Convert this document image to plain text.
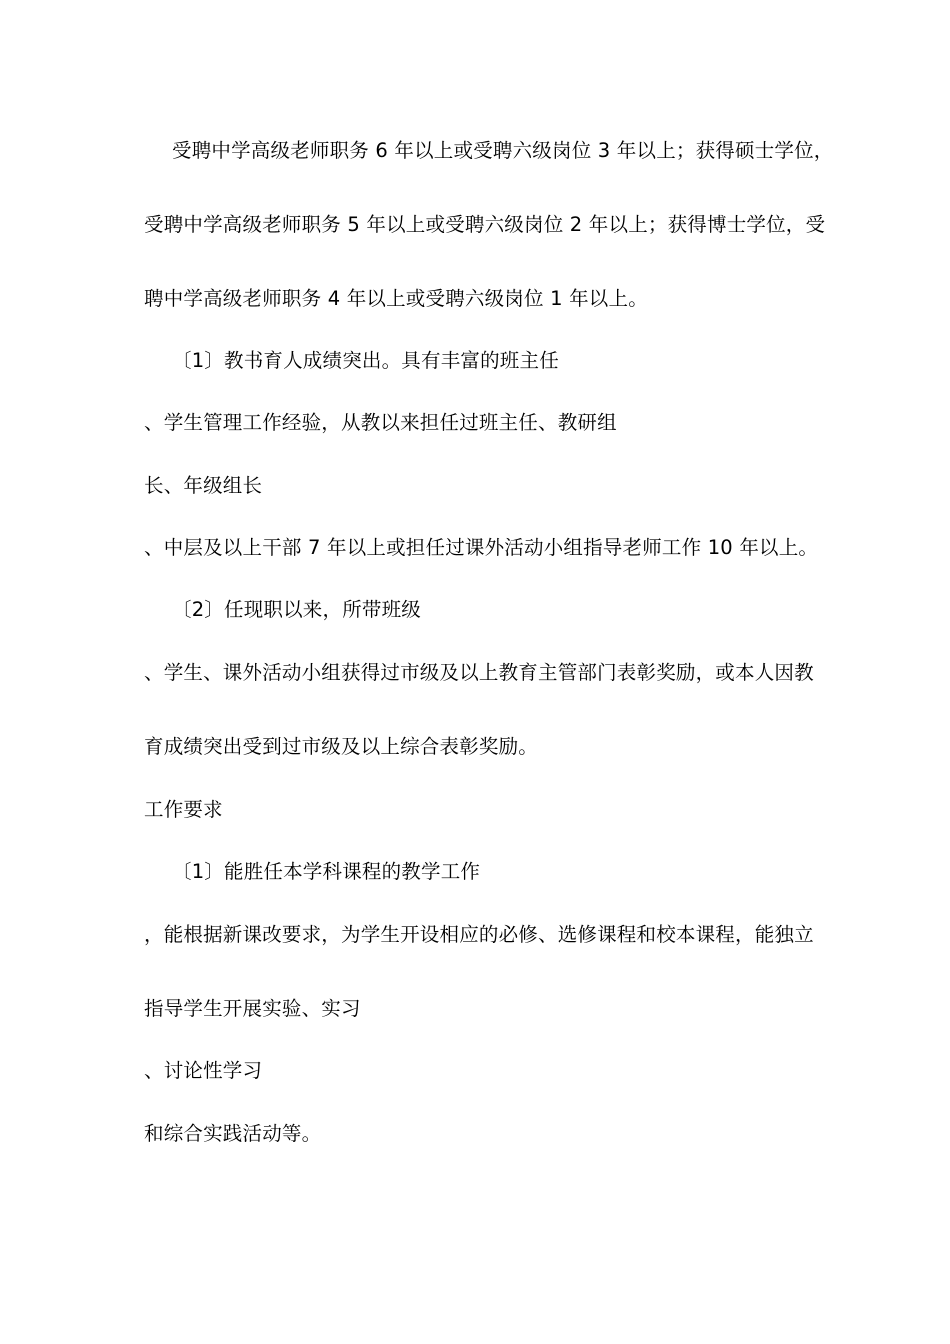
受聘中学高级老师职务 6 年以上或受聘六级岗位 3 年以上；获得硕士学位，
受聘中学高级老师职务 5 年以上或受聘六级岗位 2 年以上；获得博士学位，受
聘中学高级老师职务 4 年以上或受聘六级岗位 1 年以上。
〔1〕教书育人成绩突出。具有丰富的班主任
、学生管理工作经验，从教以来担任过班主任、教研组
长、年级组长
、中层及以上干部 7 年以上或担任过课外活动小组指导老师工作 10 年以上。
〔2〕任现职以来，所带班级
、学生、课外活动小组获得过市级及以上教育主管部门表彰奖励，或本人因教
育成绩突出受到过市级及以上综合表彰奖励。
工作要求
〔1〕能胜任本学科课程的教学工作
，能根据新课改要求，为学生开设相应的必修、选修课程和校本课程，能独立
指导学生开展实验、实习
、讨论性学习
和综合实践活动等。
